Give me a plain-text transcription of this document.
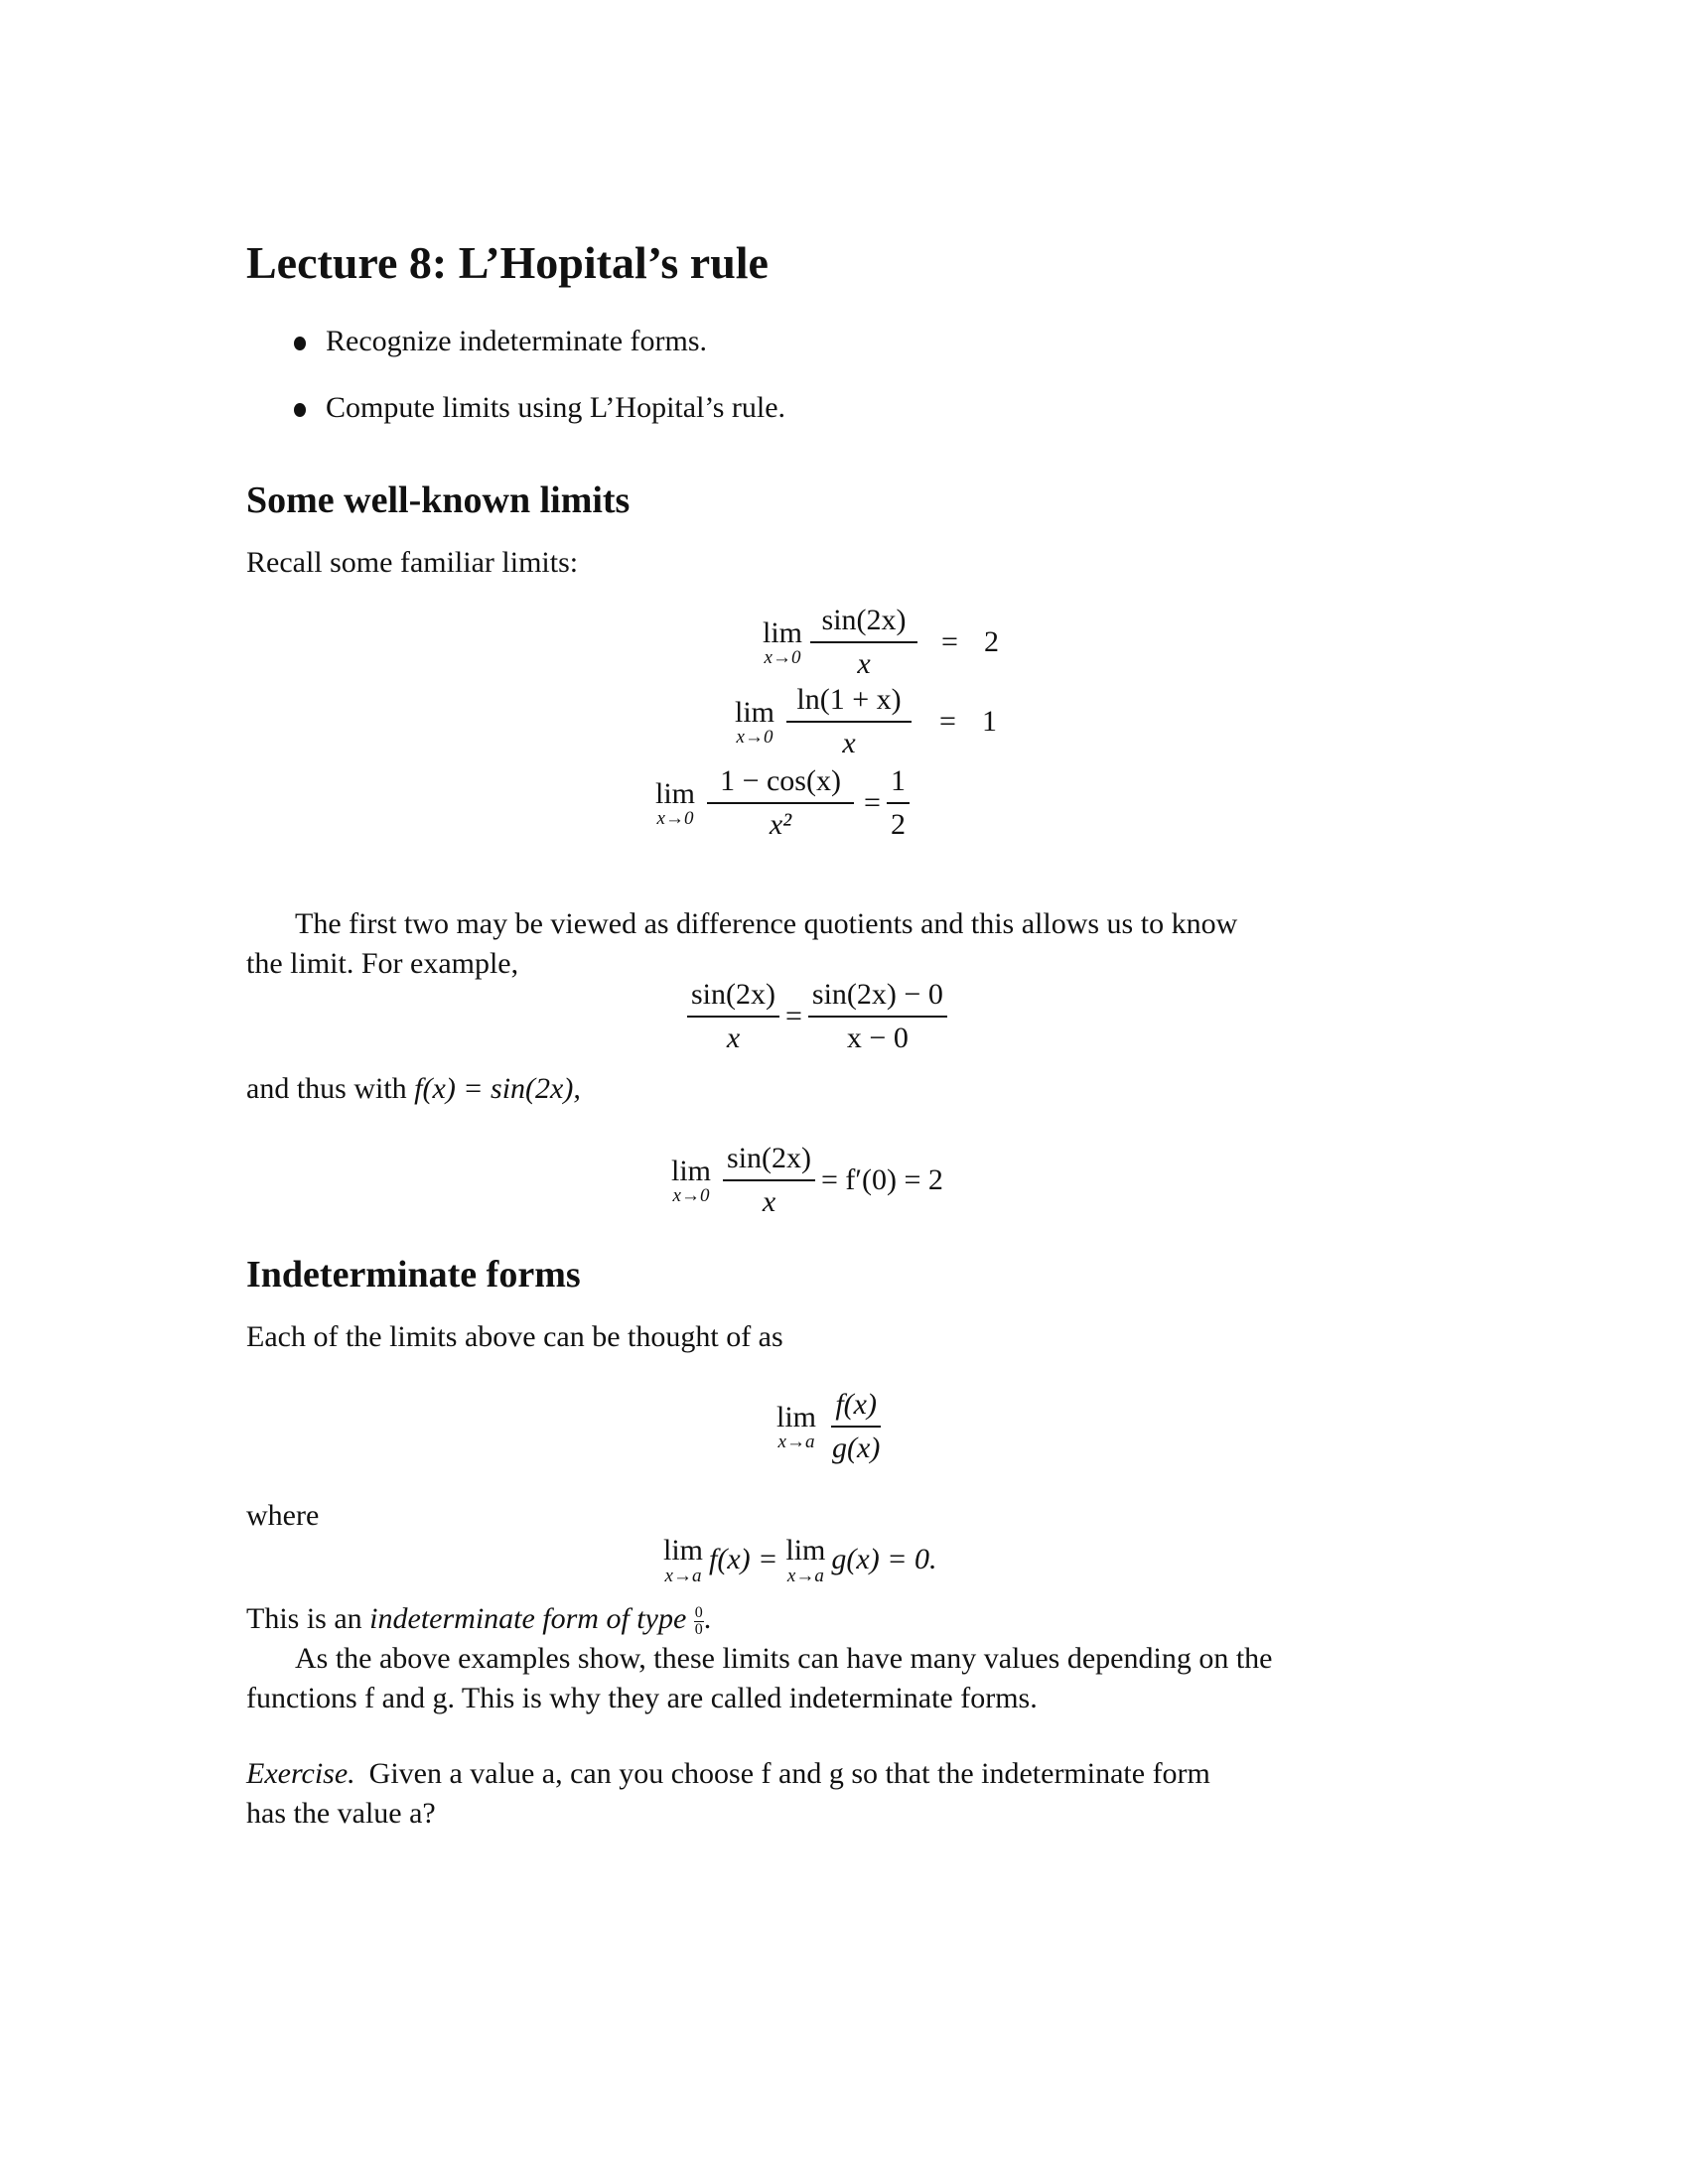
Lecture 8: L’Hopital’s rule
Recognize indeterminate forms.
Compute limits using L’Hopital’s rule.
Some well-known limits
Recall some familiar limits:
lim
$x\to 0 \frac{\sin(2x)}{x} = 2$
lim
$x\to 0 \frac{\ln(1 + x)}{x} = 1$
lim
$x\to 0 \frac{1 - \cos(x)}{\text{x²}} = \frac{1}{2}$
The first two may be viewed as difference quotients and this allows us to know
the limit. For example,
$\frac{\sin(2x)}{x} = \frac{\sin(2x) - 0}{x - 0}$
and thus with f(x) = sin(2x),
lim
$x\to 0 \frac{\sin(2x)}{x} = f'(0) = 2$
Indeterminate forms
Each of the limits above can be thought of as
lim
$x\to a \frac{f(x)}{g(x)}$
where
lim
x→a f(x) = lim
x→a g(x) = 0.
This is an indeterminate form of type $\frac{0}{0}$ .
As the above examples show, these limits can have many values depending on the
functions f and g. This is why they are called indeterminate forms.
Exercise. Given a value a, can you choose f and g so that the indeterminate form
has the value a?
